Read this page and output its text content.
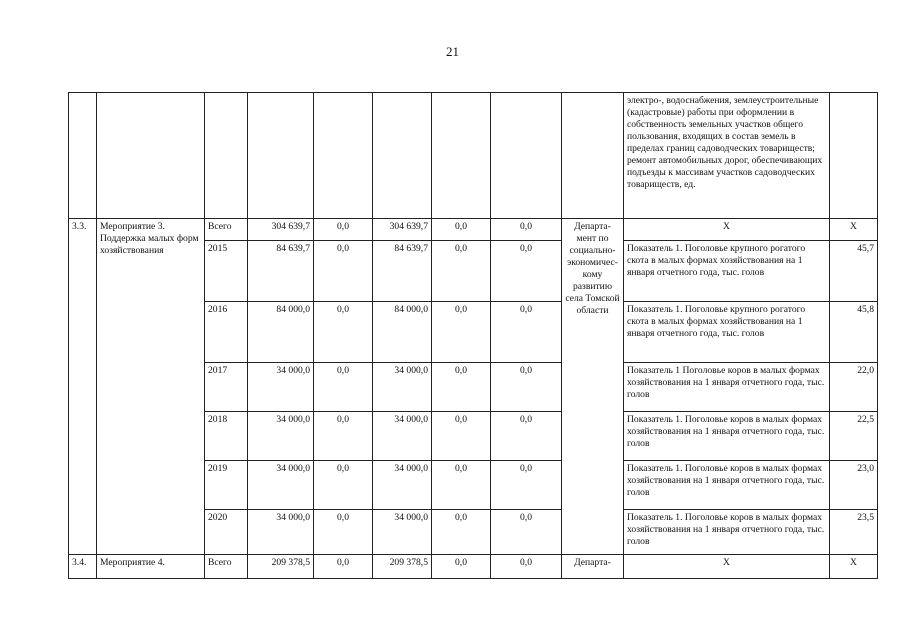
21
									электро-, водоснабжения, землеустроительные (кадастровые) работы при оформлении в собственность земельных участков общего пользования, входящих в состав земель в пределах границ садоводческих товариществ; ремонт автомобильных дорог, обеспечивающих подъезды к массивам участков садоводческих товариществ, ед.	
3.3.	Мероприятие 3. Поддержка малых форм хозяйствования	Всего	304 639,7	0,0	304 639,7	0,0	0,0	Департа-мент по социально-экономичес-кому развитию села Томской области	Х	Х
		2015	84 639,7	0,0	84 639,7	0,0	0,0		Показатель 1. Поголовье крупного рогатого скота в малых формах хозяйствования на 1 января отчетного года, тыс. голов	45,7
		2016	84 000,0	0,0	84 000,0	0,0	0,0		Показатель 1. Поголовье крупного рогатого скота в малых формах хозяйствования на 1 января отчетного года, тыс. голов	45,8
		2017	34 000,0	0,0	34 000,0	0,0	0,0		Показатель 1 Поголовье коров в малых формах хозяйствования на 1 января отчетного года, тыс. голов	22,0
		2018	34 000,0	0,0	34 000,0	0,0	0,0		Показатель 1. Поголовье коров в малых формах хозяйствования на 1 января отчетного года, тыс. голов	22,5
		2019	34 000,0	0,0	34 000,0	0,0	0,0		Показатель 1. Поголовье коров в малых формах хозяйствования на 1 января отчетного года, тыс. голов	23,0
		2020	34 000,0	0,0	34 000,0	0,0	0,0		Показатель 1. Поголовье коров в малых формах хозяйствования на 1 января отчетного года, тыс. голов	23,5
3.4.	Мероприятие 4.	Всего	209 378,5	0,0	209 378,5	0,0	0,0	Департа-	Х	Х
